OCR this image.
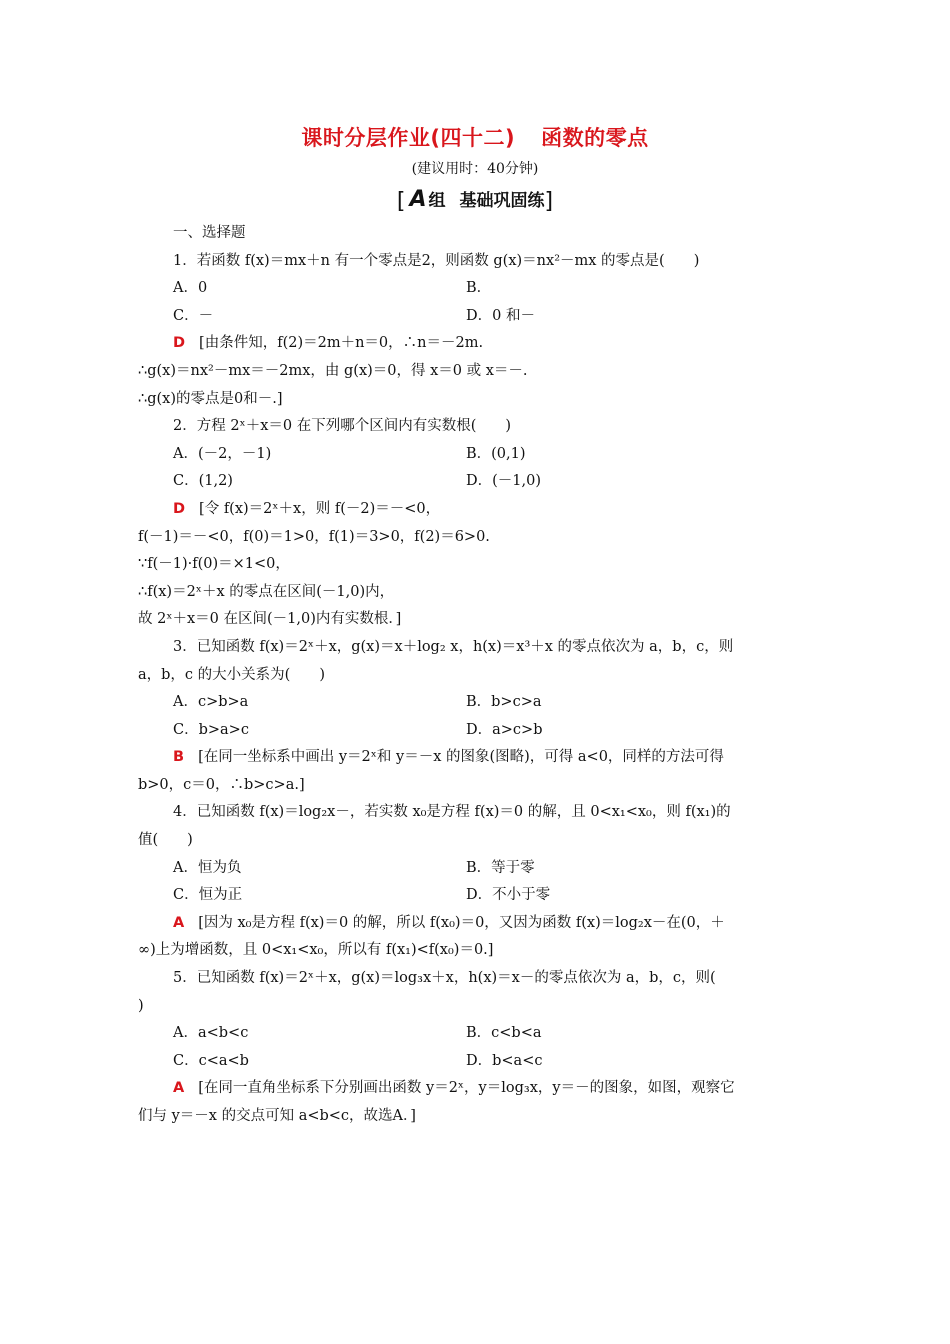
课时分层作业(四十二) 函数的零点
(建议用时：40分钟)
[ A 组 基础巩固练]
一、选择题
1．若函数 f(x)＝mx＋n 有一个零点是2，则函数 g(x)＝nx²－mx 的零点是(　　)
A．0	B．
C．－	D．0 和－
D [由条件知，f(2)＝2m＋n＝0，∴n＝－2m.
∴g(x)＝nx²－mx＝－2mx，由 g(x)＝0，得 x＝0 或 x＝－.
∴g(x)的零点是0和－.]
2．方程 2ˣ＋x＝0 在下列哪个区间内有实数根(　　)
A．(－2，－1)	B．(0,1)
C．(1,2)	D．(－1,0)
D [令 f(x)＝2ˣ＋x，则 f(－2)＝－<0，
f(－1)＝－<0，f(0)＝1>0，f(1)＝3>0，f(2)＝6>0.
∵f(－1)·f(0)＝×1<0，
∴f(x)＝2ˣ＋x 的零点在区间(－1,0)内，
故 2ˣ＋x＝0 在区间(－1,0)内有实数根．]
3．已知函数 f(x)＝2ˣ＋x，g(x)＝x＋log₂ x，h(x)＝x³＋x 的零点依次为 a，b，c，则
a，b，c 的大小关系为(　　)
A．c>b>a	B．b>c>a
C．b>a>c	D．a>c>b
B [在同一坐标系中画出 y＝2ˣ和 y＝－x 的图象(图略)，可得 a<0，同样的方法可得
b>0，c＝0，∴b>c>a.]
4．已知函数 f(x)＝log₂x－，若实数 x₀是方程 f(x)＝0 的解，且 0<x₁<x₀，则 f(x₁)的
值(　　)
A．恒为负	B．等于零
C．恒为正	D．不小于零
A [因为 x₀是方程 f(x)＝0 的解，所以 f(x₀)＝0，又因为函数 f(x)＝log₂x－在(0，＋
∞)上为增函数，且 0<x₁<x₀，所以有 f(x₁)<f(x₀)＝0.]
5．已知函数 f(x)＝2ˣ＋x，g(x)＝log₃x＋x，h(x)＝x－的零点依次为 a，b，c，则(
)
A．a<b<c	B．c<b<a
C．c<a<b	D．b<a<c
A [在同一直角坐标系下分别画出函数 y＝2ˣ，y＝log₃x，y＝－的图象，如图，观察它
们与 y＝－x 的交点可知 a<b<c，故选A．]
